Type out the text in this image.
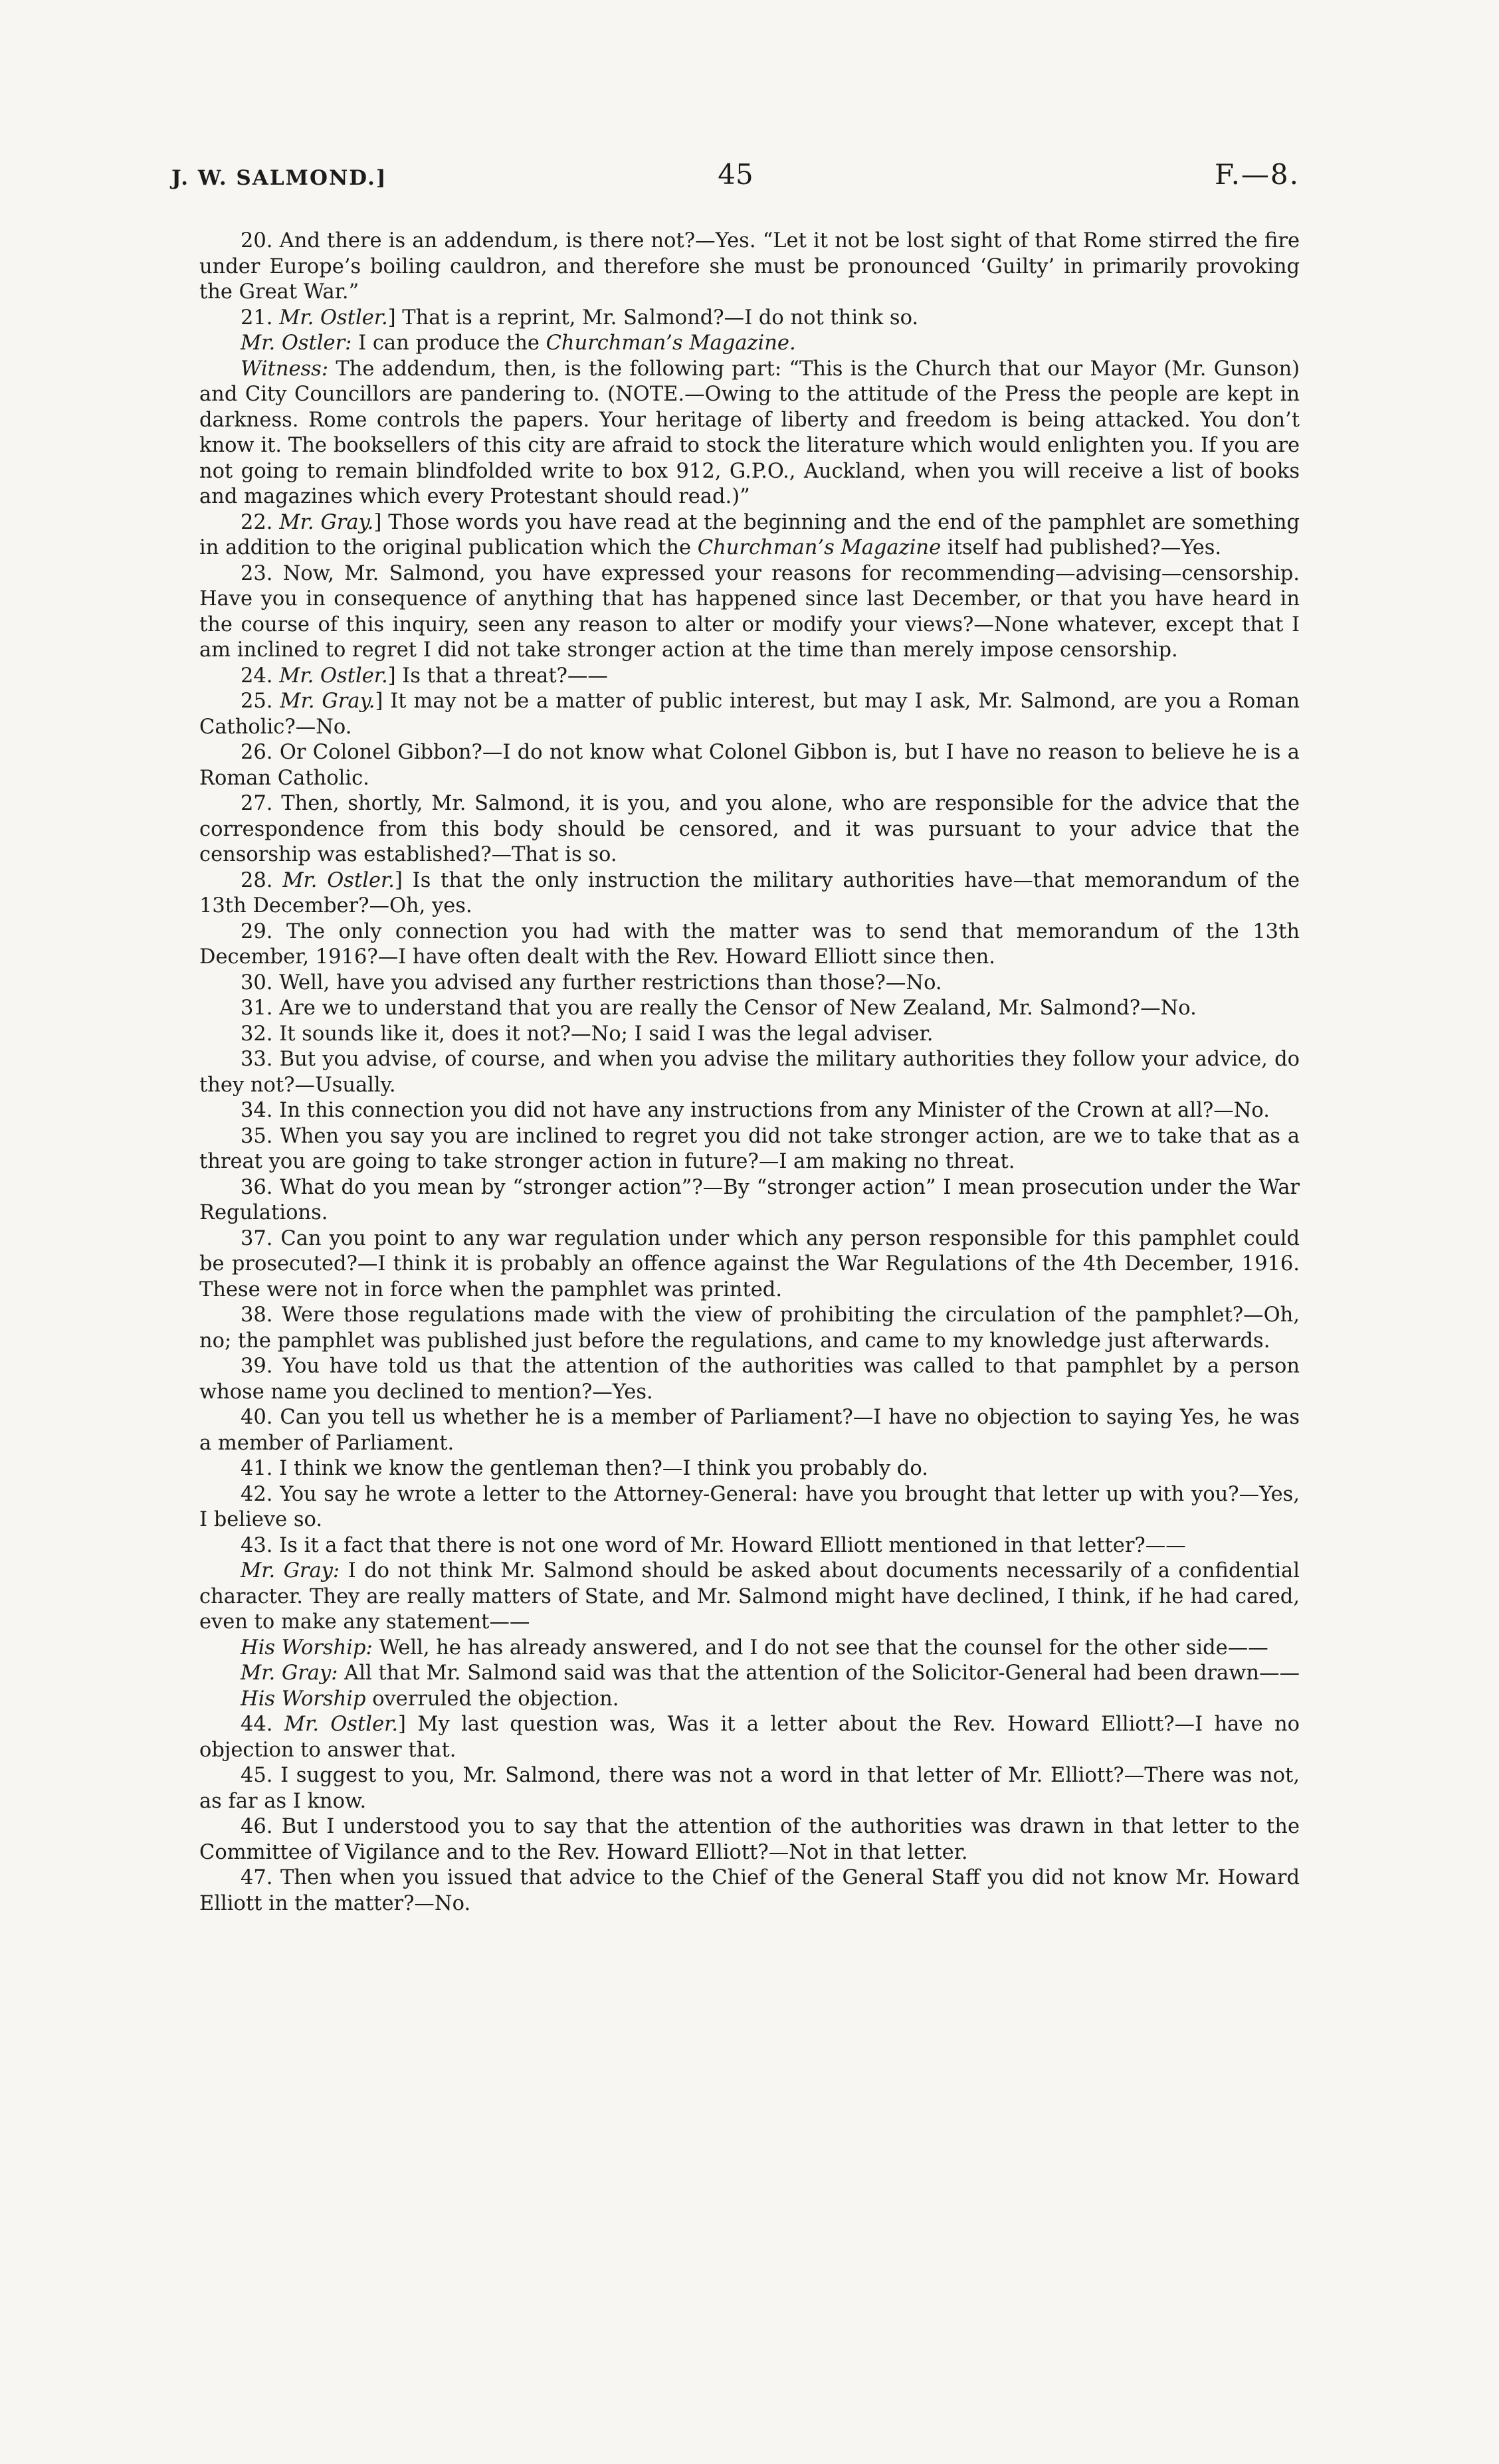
J. W. SALMOND.]	45	F.—8.

20. And there is an addendum, is there not?—Yes. “Let it not be lost sight of that Rome stirred the fire under Europe’s boiling cauldron, and therefore she must be pronounced ‘Guilty’ in primarily provoking the Great War.”

21. Mr. Ostler.] That is a reprint, Mr. Salmond?—I do not think so.

Mr. Ostler: I can produce the Churchman’s Magazine.

Witness: The addendum, then, is the following part: “This is the Church that our Mayor (Mr. Gunson) and City Councillors are pandering to. (NOTE.—Owing to the attitude of the Press the people are kept in darkness. Rome controls the papers. Your heritage of liberty and freedom is being attacked. You don’t know it. The booksellers of this city are afraid to stock the literature which would enlighten you. If you are not going to remain blindfolded write to box 912, G.P.O., Auckland, when you will receive a list of books and magazines which every Protestant should read.)”

22. Mr. Gray.] Those words you have read at the beginning and the end of the pamphlet are something in addition to the original publication which the Churchman’s Magazine itself had published?—Yes.

23. Now, Mr. Salmond, you have expressed your reasons for recommending—advising—censorship. Have you in consequence of anything that has happened since last December, or that you have heard in the course of this inquiry, seen any reason to alter or modify your views?—None whatever, except that I am inclined to regret I did not take stronger action at the time than merely impose censorship.

24. Mr. Ostler.] Is that a threat?——

25. Mr. Gray.] It may not be a matter of public interest, but may I ask, Mr. Salmond, are you a Roman Catholic?—No.

26. Or Colonel Gibbon?—I do not know what Colonel Gibbon is, but I have no reason to believe he is a Roman Catholic.

27. Then, shortly, Mr. Salmond, it is you, and you alone, who are responsible for the advice that the correspondence from this body should be censored, and it was pursuant to your advice that the censorship was established?—That is so.

28. Mr. Ostler.] Is that the only instruction the military authorities have—that memorandum of the 13th December?—Oh, yes.

29. The only connection you had with the matter was to send that memorandum of the 13th December, 1916?—I have often dealt with the Rev. Howard Elliott since then.

30. Well, have you advised any further restrictions than those?—No.

31. Are we to understand that you are really the Censor of New Zealand, Mr. Salmond?—No.

32. It sounds like it, does it not?—No; I said I was the legal adviser.

33. But you advise, of course, and when you advise the military authorities they follow your advice, do they not?—Usually.

34. In this connection you did not have any instructions from any Minister of the Crown at all?—No.

35. When you say you are inclined to regret you did not take stronger action, are we to take that as a threat you are going to take stronger action in future?—I am making no threat.

36. What do you mean by “stronger action”?—By “stronger action” I mean prosecution under the War Regulations.

37. Can you point to any war regulation under which any person responsible for this pamphlet could be prosecuted?—I think it is probably an offence against the War Regulations of the 4th December, 1916. These were not in force when the pamphlet was printed.

38. Were those regulations made with the view of prohibiting the circulation of the pamphlet?—Oh, no; the pamphlet was published just before the regulations, and came to my knowledge just afterwards.

39. You have told us that the attention of the authorities was called to that pamphlet by a person whose name you declined to mention?—Yes.

40. Can you tell us whether he is a member of Parliament?—I have no objection to saying Yes, he was a member of Parliament.

41. I think we know the gentleman then?—I think you probably do.

42. You say he wrote a letter to the Attorney-General: have you brought that letter up with you?—Yes, I believe so.

43. Is it a fact that there is not one word of Mr. Howard Elliott mentioned in that letter?——

Mr. Gray: I do not think Mr. Salmond should be asked about documents necessarily of a confidential character. They are really matters of State, and Mr. Salmond might have declined, I think, if he had cared, even to make any statement——

His Worship: Well, he has already answered, and I do not see that the counsel for the other side——

Mr. Gray: All that Mr. Salmond said was that the attention of the Solicitor-General had been drawn——

His Worship overruled the objection.

44. Mr. Ostler.] My last question was, Was it a letter about the Rev. Howard Elliott?—I have no objection to answer that.

45. I suggest to you, Mr. Salmond, there was not a word in that letter of Mr. Elliott?—There was not, as far as I know.

46. But I understood you to say that the attention of the authorities was drawn in that letter to the Committee of Vigilance and to the Rev. Howard Elliott?—Not in that letter.

47. Then when you issued that advice to the Chief of the General Staff you did not know Mr. Howard Elliott in the matter?—No.
